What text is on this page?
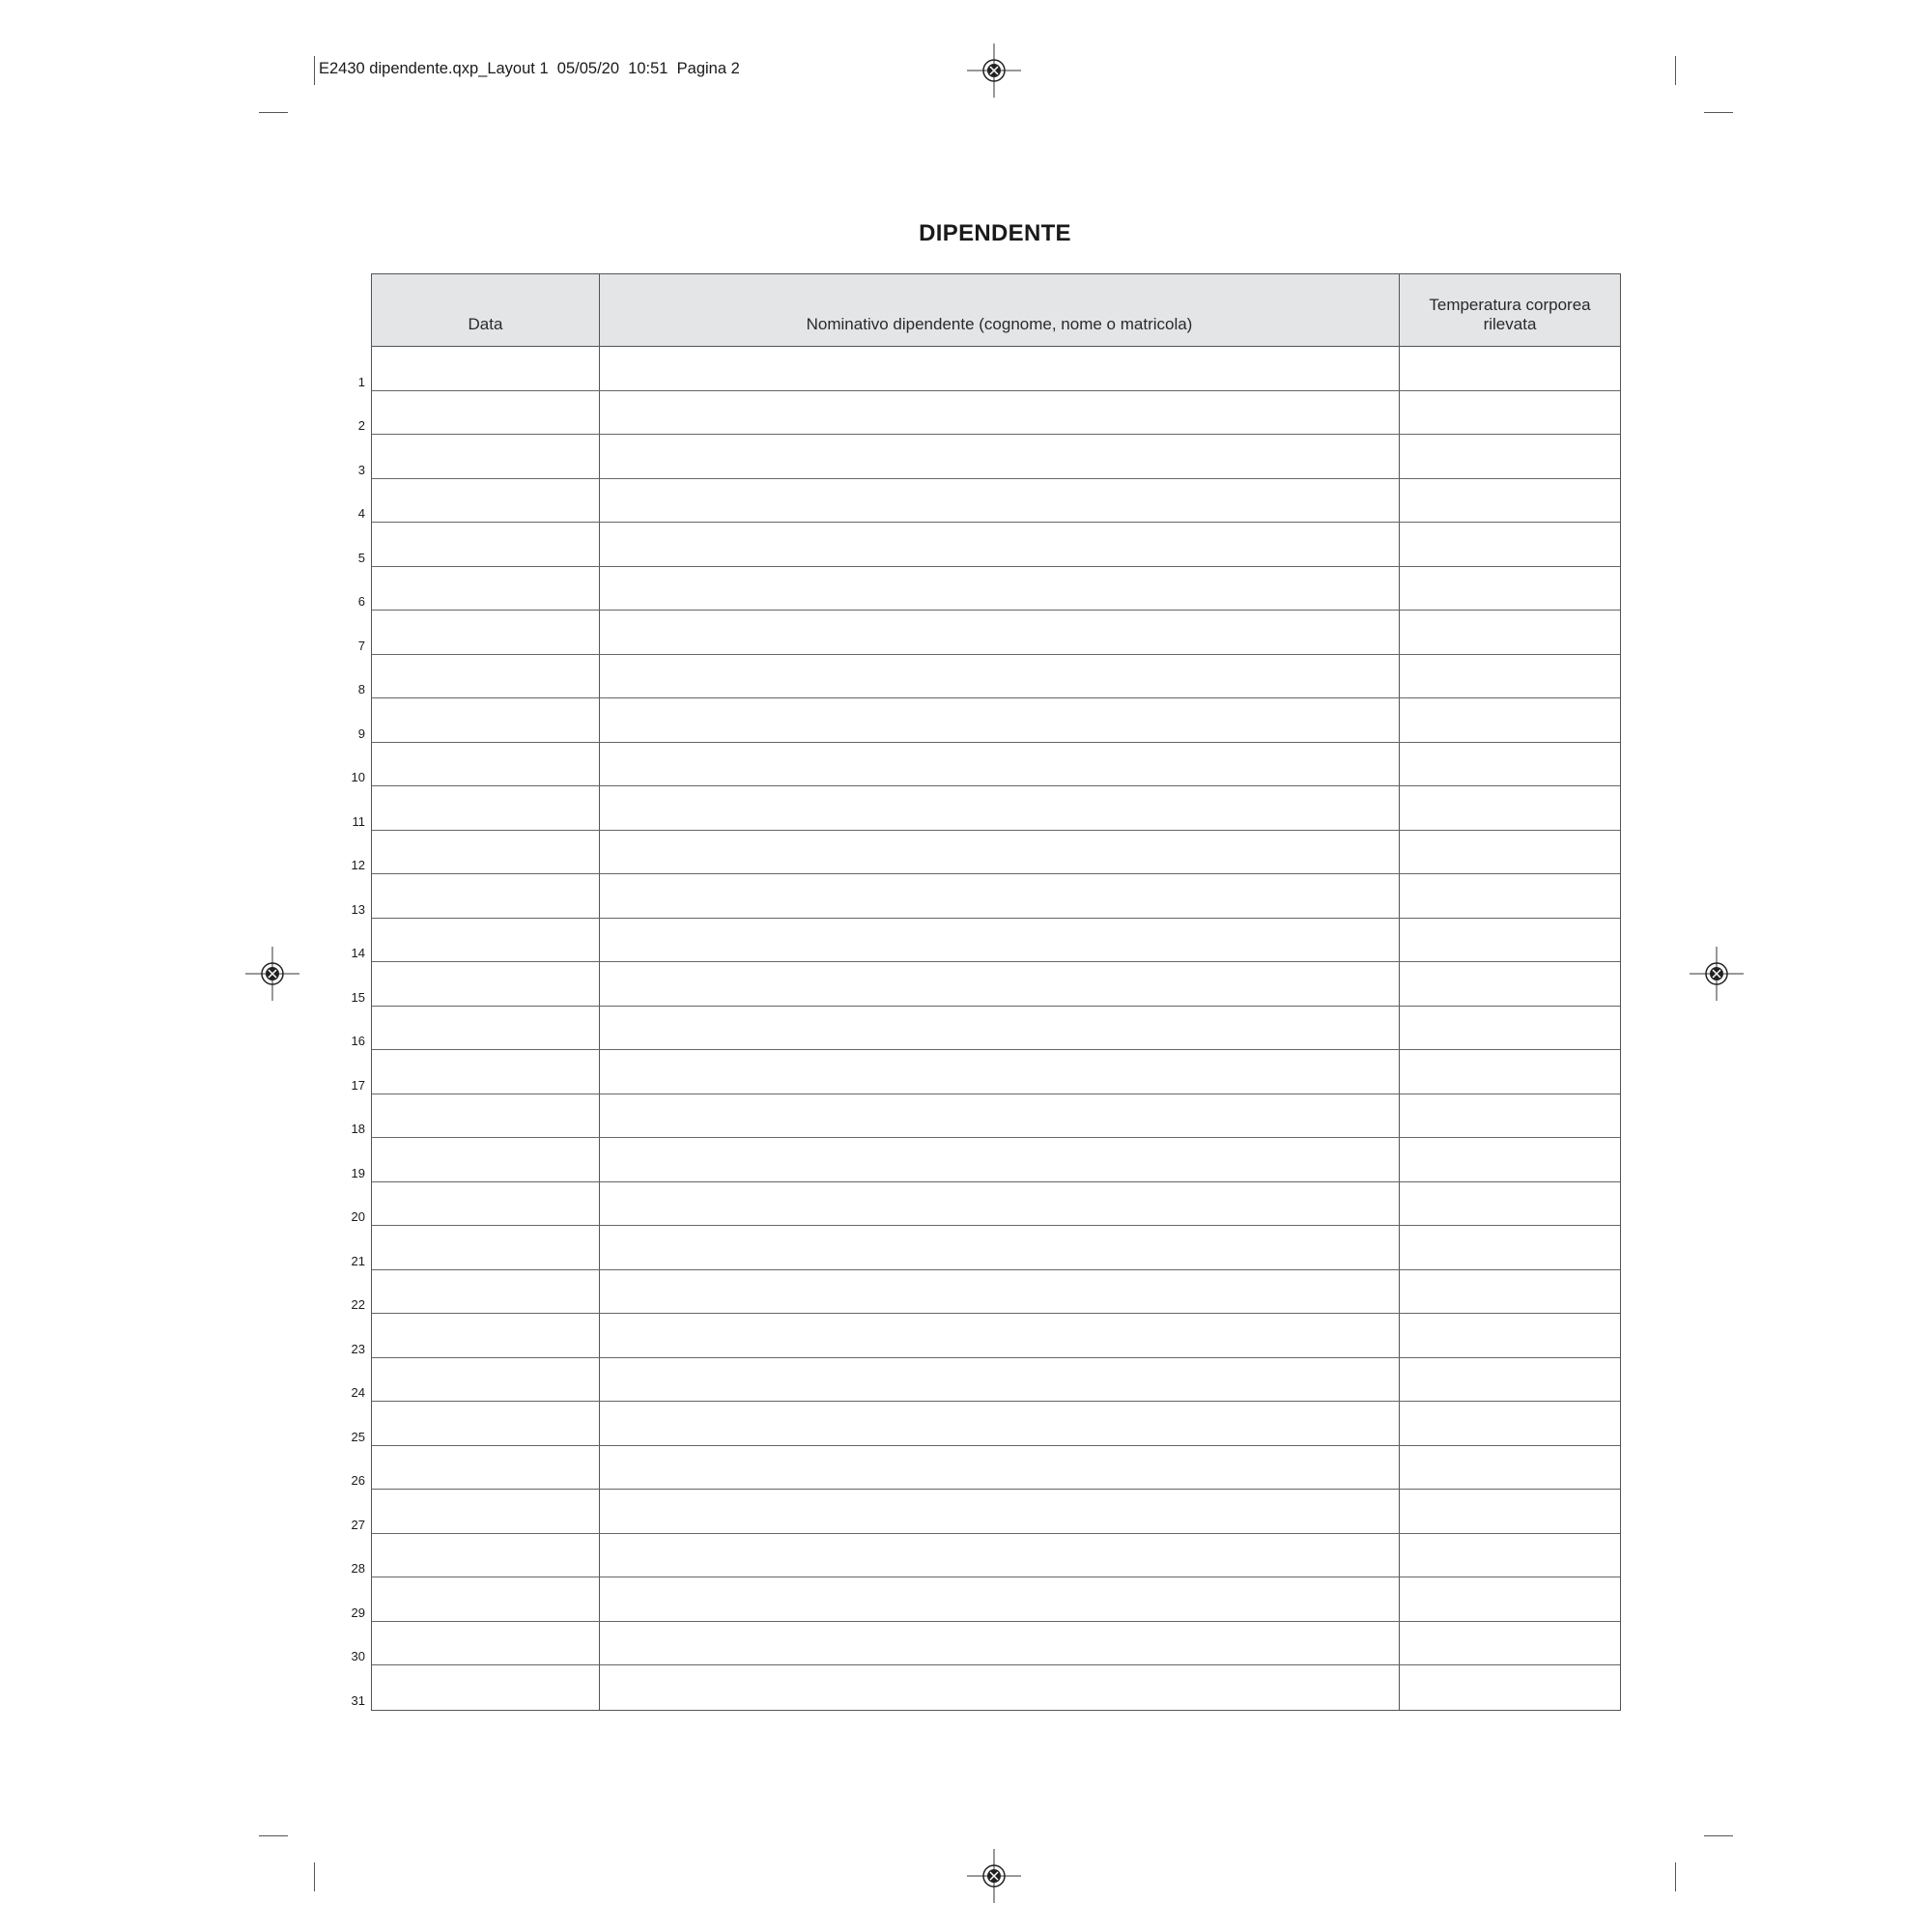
E2430 dipendente.qxp_Layout 1  05/05/20  10:51  Pagina 2
DIPENDENTE
Data	Nominativo dipendente (cognome, nome o matricola)
Temperatura corporea rilevata
1
2
3
4
5
6
7
8
9
10
11
12
13
14
15
16
17
18
19
20
21
22
23
24
25
26
27
28
29
30
31
